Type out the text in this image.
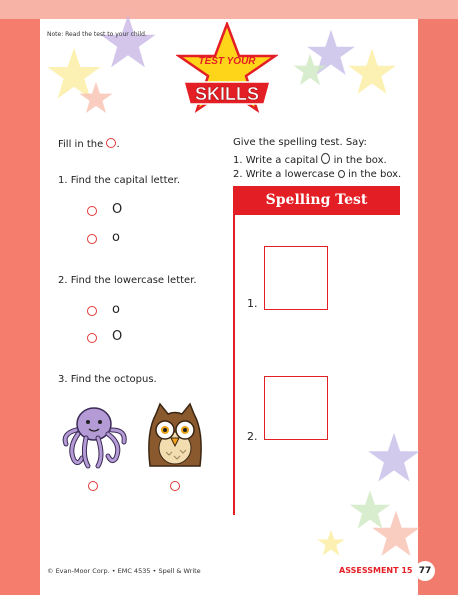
Note: Read the test to your child.
TEST YOUR
SKILLS
Fill in the .
1. Find the capital letter.
O
o
2. Find the lowercase letter.
o
O
3. Find the octopus.
Give the spelling test. Say:
1. Write a capital in the box.
2. Write a lowercase in the box.
Spelling Test
1.
2.
© Evan-Moor Corp. • EMC 4535 • Spell & Write	ASSESSMENT 15 77
